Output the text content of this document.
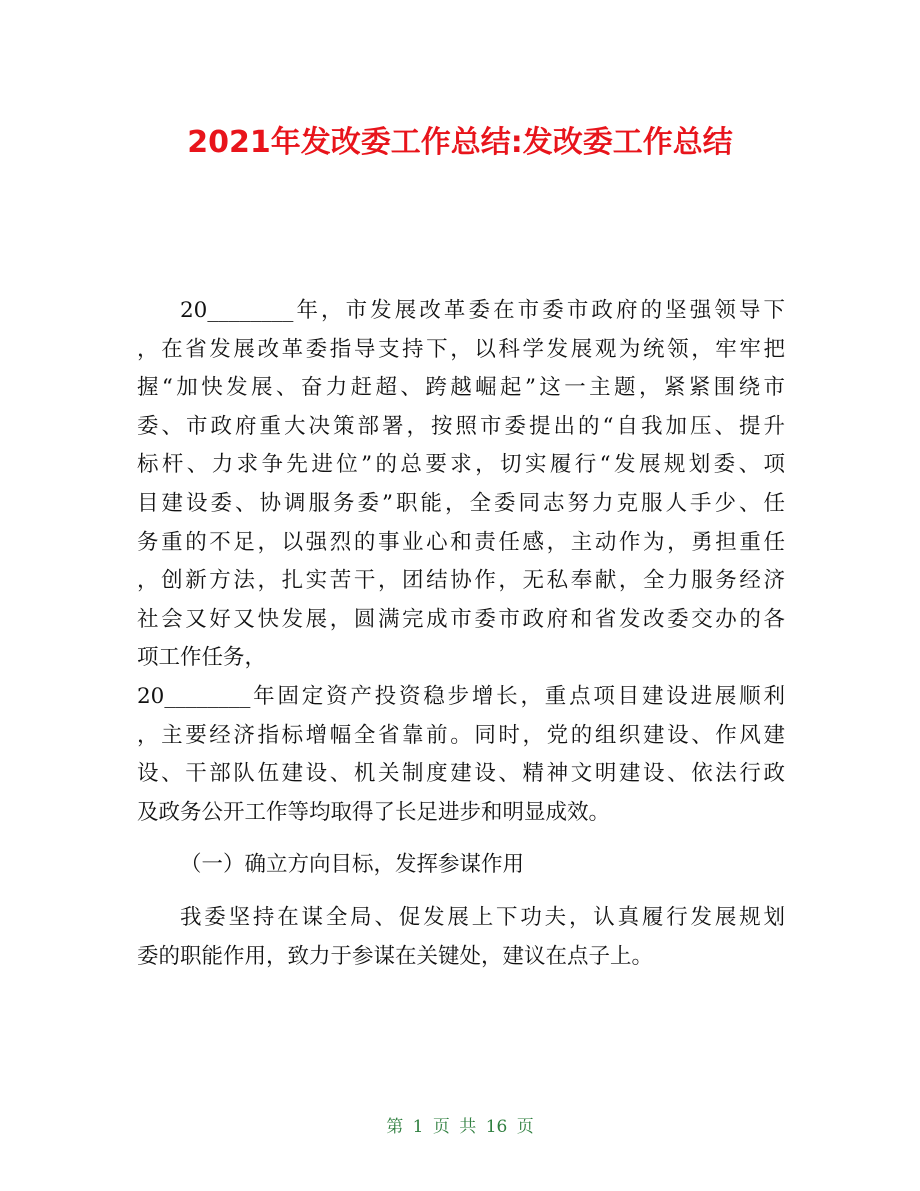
2021年发改委工作总结:发改委工作总结
20________年，市发展改革委在市委市政府的坚强领导下
，在省发展改革委指导支持下，以科学发展观为统领，牢牢把
握“加快发展、奋力赶超、跨越崛起”这一主题，紧紧围绕市
委、市政府重大决策部署，按照市委提出的“自我加压、提升
标杆、力求争先进位”的总要求，切实履行“发展规划委、项
目建设委、协调服务委”职能，全委同志努力克服人手少、任
务重的不足，以强烈的事业心和责任感，主动作为，勇担重任
，创新方法，扎实苦干，团结协作，无私奉献，全力服务经济
社会又好又快发展，圆满完成市委市政府和省发改委交办的各
项工作任务，
20________年固定资产投资稳步增长，重点项目建设进展顺利
，主要经济指标增幅全省靠前。同时，党的组织建设、作风建
设、干部队伍建设、机关制度建设、精神文明建设、依法行政
及政务公开工作等均取得了长足进步和明显成效。
（一）确立方向目标，发挥参谋作用
我委坚持在谋全局、促发展上下功夫，认真履行发展规划
委的职能作用，致力于参谋在关键处，建议在点子上。
第 1 页 共 16 页
